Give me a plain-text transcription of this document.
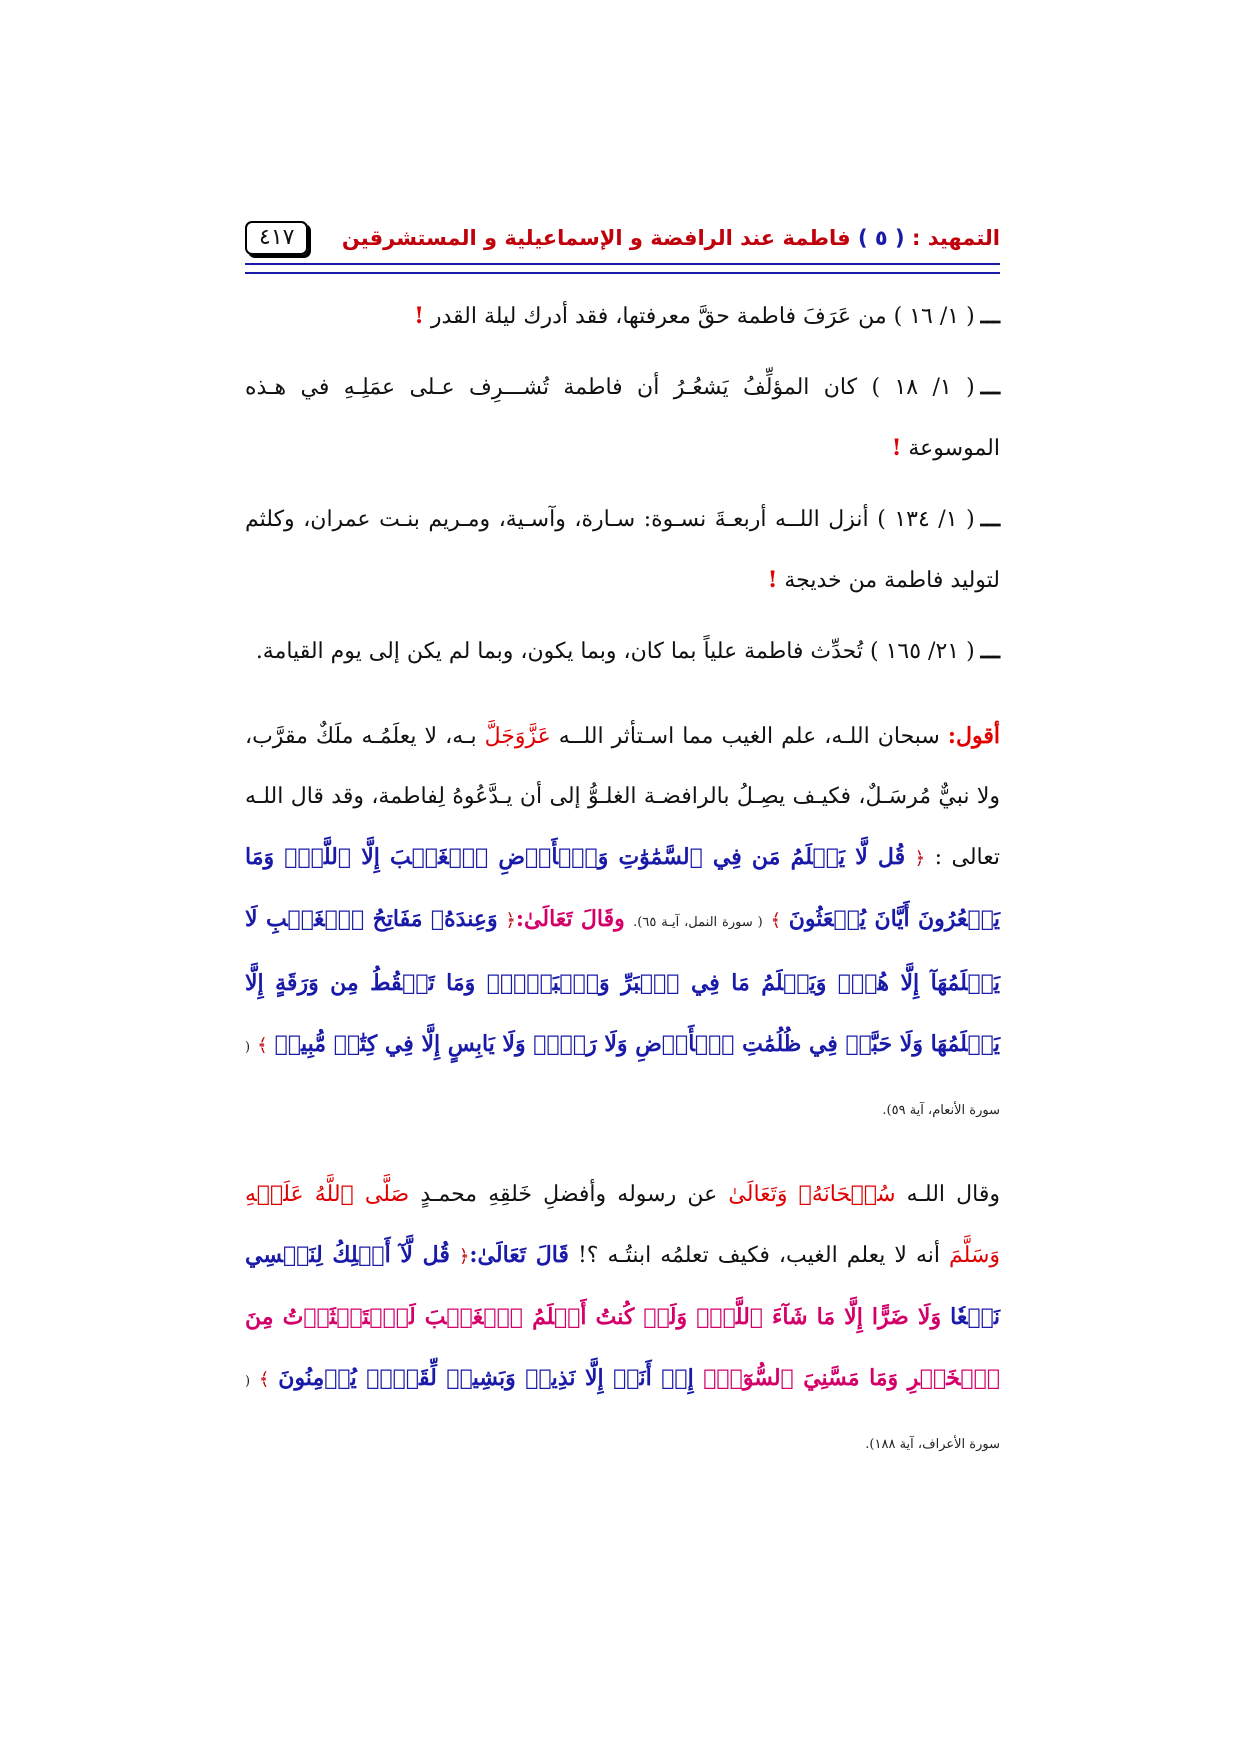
التمهيد : ( ٥ ) فاطمة عند الرافضة و الإسماعيلية و المستشرقين
٤١٧

ـــ( ١/ ١٦ ) من عَرَفَ فاطمة حقَّ معرفتها، فقد أدرك ليلة القدر !

ـــ( ١/ ١٨ ) كان المؤلِّفُ يَشعُـرُ أن فاطمة تُشـــرِف عـلى عمَلِـهِ في هـذه الموسوعة !

ـــ( ١/ ١٣٤ ) أنزل اللــه أربعـةَ نسـوة: سـارة، وآسـية، ومـريم بنـت عمران، وكلثم لتوليد فاطمة من خديجة !

ـــ( ٢١/ ١٦٥ ) تُحدِّث فاطمة علياً بما كان، وبما يكون، وبما لم يكن إلى يوم القيامة.

أقول: سبحان اللـه، علم الغيب مما اسـتأثر اللــه عَزَّوَجَلَّ بـه، لا يعلَمُـه ملَكٌ مقرَّب، ولا نبيٌّ مُرسَـلٌ، فكيـف يصِـلُ بالرافضـة الغلـوُّ إلى أن يـدَّعُوهُ لِفاطمة، وقد قال اللـه تعالى : ﴿ قُل لَّا يَعۡلَمُ مَن فِي ٱلسَّمَٰوَٰتِ وَٱلۡأَرۡضِ ٱلۡغَيۡبَ إِلَّا ٱللَّهُۚ وَمَا يَشۡعُرُونَ أَيَّانَ يُبۡعَثُونَ ﴾ ( سورة النمل، آيـة ٦٥). وقَالَ تَعَالَىٰ:﴿ وَعِندَهُۥ مَفَاتِحُ ٱلۡغَيۡبِ لَا يَعۡلَمُهَآ إِلَّا هُوَۚ وَيَعۡلَمُ مَا فِي ٱلۡبَرِّ وَٱلۡبَحۡرِۚ وَمَا تَسۡقُطُ مِن وَرَقَةٍ إِلَّا يَعۡلَمُهَا وَلَا حَبَّةٖ فِي ظُلُمَٰتِ ٱلۡأَرۡضِ وَلَا رَطۡبٖ وَلَا يَابِسٍ إِلَّا فِي كِتَٰبٖ مُّبِينٖ ﴾ ( سورة الأنعام، آية ٥٩).

وقال اللـه سُبۡحَانَهُۥ وَتَعَالَىٰ عن رسوله وأفضلِ خَلقِهِ محمـدٍ صَلَّى ٱللَّهُ عَلَيۡهِ وَسَلَّمَ أنه لا يعلم الغيب، فكيف تعلمُه ابنتُـه ؟! قَالَ تَعَالَىٰ:﴿ قُل لَّآ أَمۡلِكُ لِنَفۡسِي نَفۡعٗا وَلَا ضَرًّا إِلَّا مَا شَآءَ ٱللَّهُۚ وَلَوۡ كُنتُ أَعۡلَمُ ٱلۡغَيۡبَ لَٱسۡتَكۡثَرۡتُ مِنَ ٱلۡخَيۡرِ وَمَا مَسَّنِيَ ٱلسُّوٓءُۚ إِنۡ أَنَا۠ إِلَّا نَذِيرٞ وَبَشِيرٞ لِّقَوۡمٖ يُؤۡمِنُونَ ﴾ ( سورة الأعراف، آية ١٨٨).
